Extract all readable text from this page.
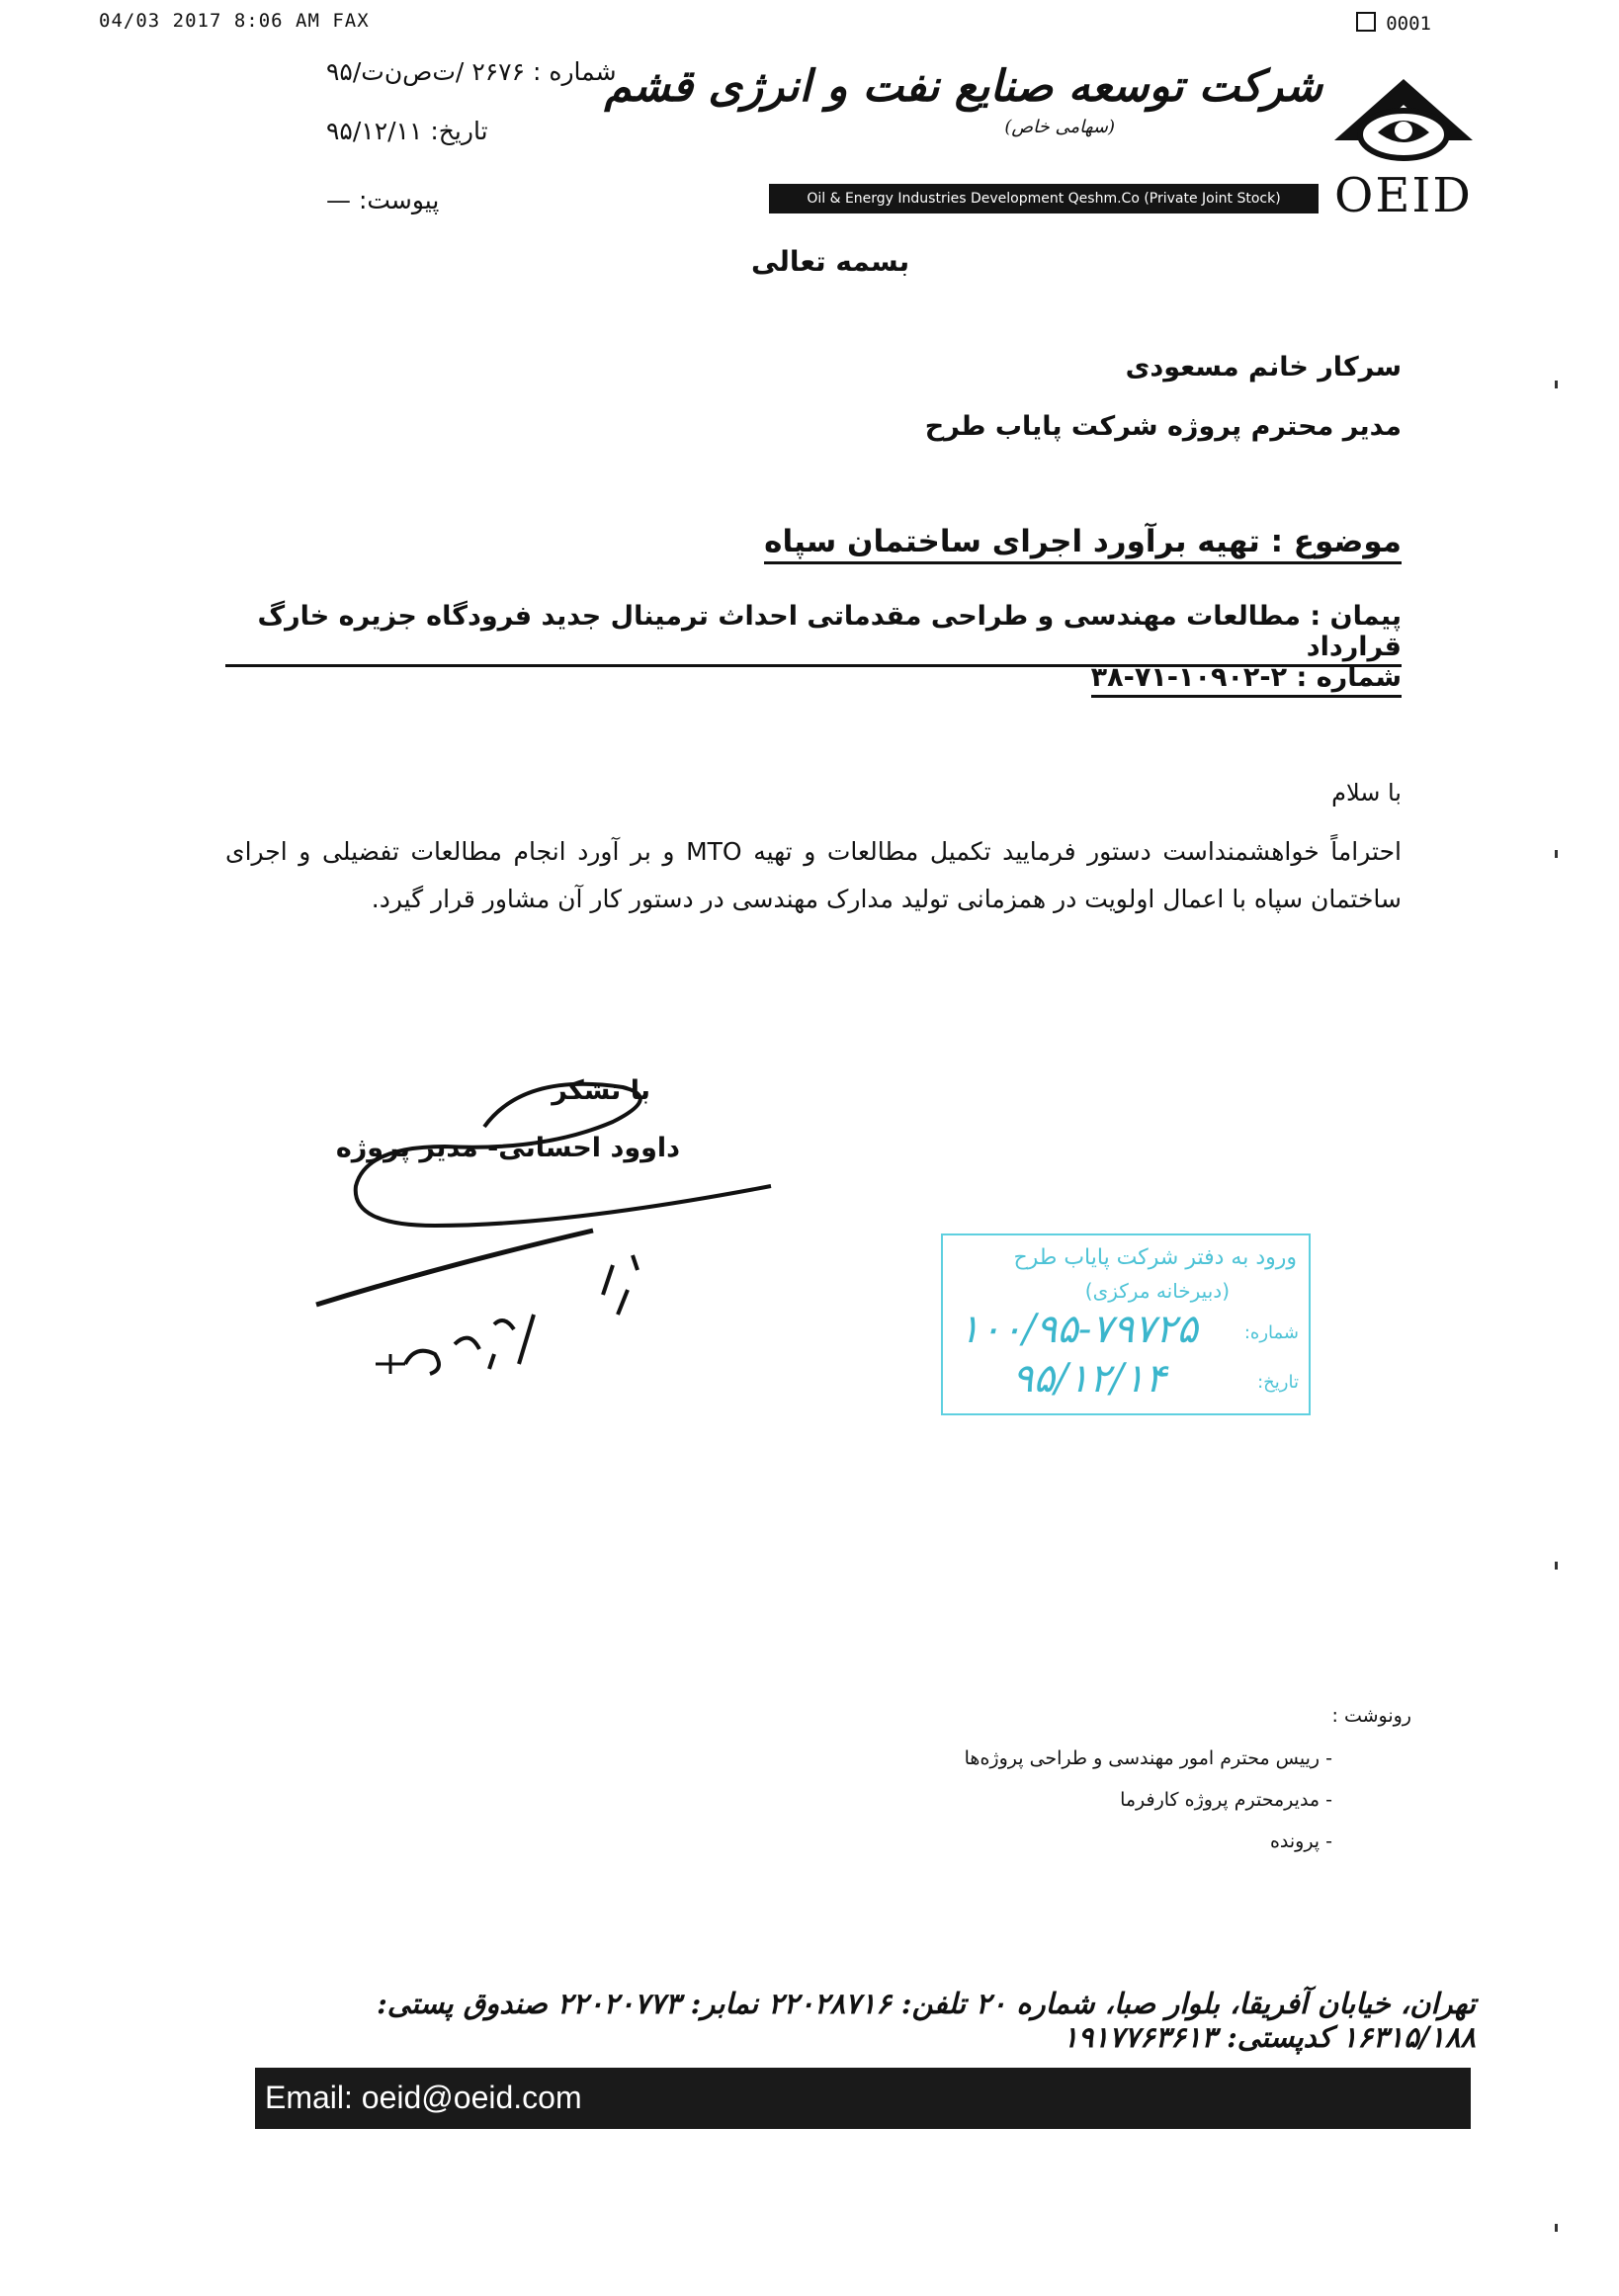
04/03 2017 8:06 AM FAX	0001
شماره : ۲۶۷۶ /ت‌ص‌ن‌ت/۹۵
تاریخ: ۹۵/۱۲/۱۱
پیوست: —
شرکت توسعه صنایع نفت و انرژی قشم
(سهامی خاص)
Oil & Energy Industries Development Qeshm.Co (Private Joint Stock)	OEID
بسمه تعالی
سرکار خانم مسعودی
مدیر محترم پروژه شرکت پایاب طرح
موضوع : تهیه برآورد اجرای ساختمان سپاه
پیمان : مطالعات مهندسی و طراحی مقدماتی احداث ترمینال جدید فرودگاه جزیره خارگ قرارداد
شماره : ۲-۱۰۹۰۲-۷۱-۳۸
با سلام
احتراماً خواهشمنداست دستور فرمایید تکمیل مطالعات و تهیه MTO و بر آورد انجام مطالعات تفضیلی و اجرای ساختمان سپاه با اعمال اولویت در همزمانی تولید مدارک مهندسی در دستور کار آن مشاور قرار گیرد.
با تشکر
داوود احسانی- مدیر پروژه
ورود به دفتر شرکت پایاب طرح
(دبیرخانه مرکزی)
شماره:
۱۰۰/۹۵-۷۹۷۲۵
تاریخ:
۹۵/۱۲/۱۴
رونوشت :
- رییس محترم امور مهندسی و طراحی پروژه‌ها
- مدیرمحترم پروژه کارفرما
- پرونده
تهران، خیابان آفریقا، بلوار صبا، شماره ۲۰ تلفن: ۲۲۰۲۸۷۱۶ نمابر: ۲۲۰۲۰۷۷۳ صندوق پستی: ۱۶۳۱۵/۱۸۸ کدپستی: ۱۹۱۷۷۶۳۶۱۳
Email: oeid@oeid.com
